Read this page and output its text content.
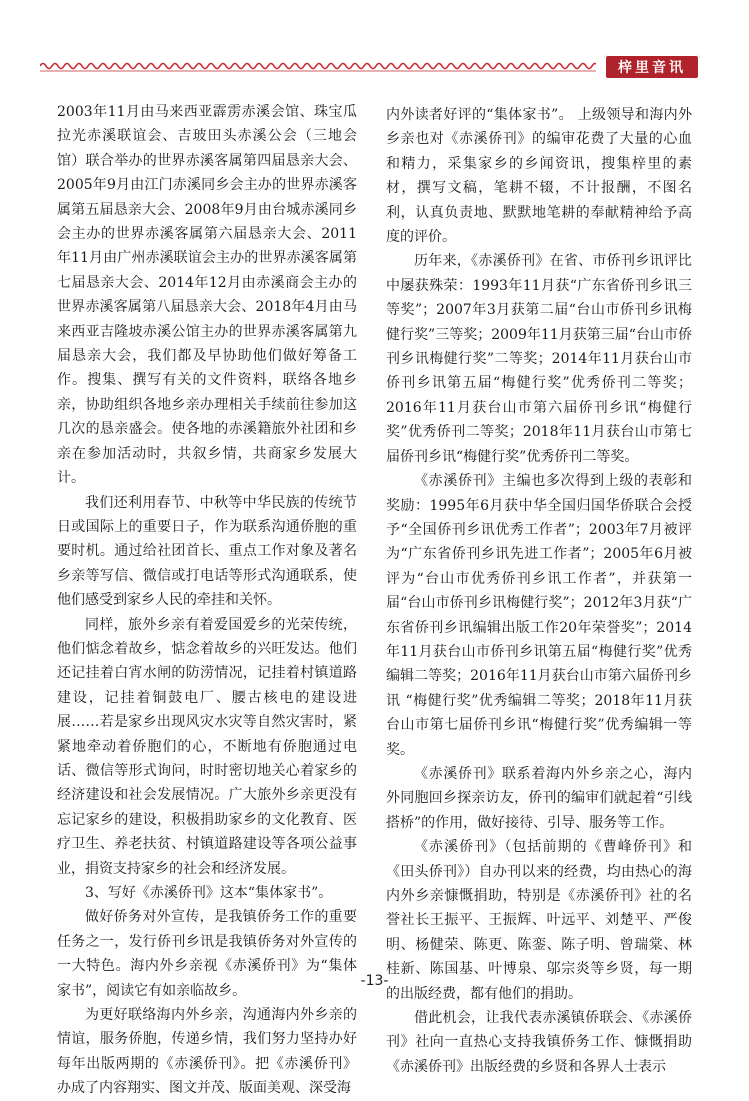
梓里音讯

2003年11月由马来西亚霹雳赤溪会馆、珠宝瓜拉光赤溪联谊会、吉玻田头赤溪公会（三地会馆）联合举办的世界赤溪客属第四届恳亲大会、2005年9月由江门赤溪同乡会主办的世界赤溪客属第五届恳亲大会、2008年9月由台城赤溪同乡会主办的世界赤溪客属第六届恳亲大会、2011年11月由广州赤溪联谊会主办的世界赤溪客属第七届恳亲大会、2014年12月由赤溪商会主办的世界赤溪客属第八届恳亲大会、2018年4月由马来西亚吉隆坡赤溪公馆主办的世界赤溪客属第九届恳亲大会，我们都及早协助他们做好筹备工作。搜集、撰写有关的文件资料，联络各地乡亲，协助组织各地乡亲办理相关手续前往参加这几次的恳亲盛会。使各地的赤溪籍旅外社团和乡亲在参加活动时，共叙乡情，共商家乡发展大计。

我们还利用春节、中秋等中华民族的传统节日或国际上的重要日子，作为联系沟通侨胞的重要时机。通过给社团首长、重点工作对象及著名乡亲等写信、微信或打电话等形式沟通联系，使他们感受到家乡人民的牵挂和关怀。

同样，旅外乡亲有着爱国爱乡的光荣传统，他们惦念着故乡，惦念着故乡的兴旺发达。他们还记挂着白宵水闸的防涝情况，记挂着村镇道路建设，记挂着铜鼓电厂、腰古核电的建设进展……若是家乡出现风灾水灾等自然灾害时，紧紧地牵动着侨胞们的心，不断地有侨胞通过电话、微信等形式询问，时时密切地关心着家乡的经济建设和社会发展情况。广大旅外乡亲更没有忘记家乡的建设，积极捐助家乡的文化教育、医疗卫生、养老扶贫、村镇道路建设等各项公益事业，捐资支持家乡的社会和经济发展。

3、写好《赤溪侨刊》这本“集体家书”。

做好侨务对外宣传，是我镇侨务工作的重要任务之一，发行侨刊乡讯是我镇侨务对外宣传的一大特色。海内外乡亲视《赤溪侨刊》为“集体家书”，阅读它有如亲临故乡。

为更好联络海内外乡亲，沟通海内外乡亲的情谊，服务侨胞，传递乡情，我们努力坚持办好每年出版两期的《赤溪侨刊》。把《赤溪侨刊》办成了内容翔实、图文并茂、版面美观、深受海

内外读者好评的“集体家书”。 上级领导和海内外乡亲也对《赤溪侨刊》的编审花费了大量的心血和精力，采集家乡的乡闻资讯，搜集梓里的素材，撰写文稿，笔耕不辍，不计报酬，不图名利，认真负责地、默默地笔耕的奉献精神给予高度的评价。

历年来，《赤溪侨刊》在省、市侨刊乡讯评比中屡获殊荣：1993年11月获“广东省侨刊乡讯三等奖”；2007年3月获第二届“台山市侨刊乡讯梅健行奖”三等奖；2009年11月获第三届“台山市侨刊乡讯梅健行奖”二等奖；2014年11月获台山市侨刊乡讯第五届“梅健行奖”优秀侨刊二等奖；2016年11月获台山市第六届侨刊乡讯“梅健行奖”优秀侨刊二等奖；2018年11月获台山市第七届侨刊乡讯“梅健行奖”优秀侨刊二等奖。

《赤溪侨刊》主编也多次得到上级的表彰和奖励：1995年6月获中华全国归国华侨联合会授予“全国侨刊乡讯优秀工作者”；2003年7月被评为“广东省侨刊乡讯先进工作者”；2005年6月被评为“台山市优秀侨刊乡讯工作者”，并获第一届“台山市侨刊乡讯梅健行奖”；2012年3月获“广东省侨刊乡讯编辑出版工作20年荣誉奖”；2014年11月获台山市侨刊乡讯第五届“梅健行奖”优秀编辑二等奖；2016年11月获台山市第六届侨刊乡讯 “梅健行奖”优秀编辑二等奖；2018年11月获台山市第七届侨刊乡讯“梅健行奖”优秀编辑一等奖。

《赤溪侨刊》联系着海内外乡亲之心，海内外同胞回乡探亲访友，侨刊的编审们就起着“引线搭桥”的作用，做好接待、引导、服务等工作。

《赤溪侨刊》（包括前期的《曹峰侨刊》和《田头侨刊》）自办刊以来的经费，均由热心的海内外乡亲慷慨捐助，特别是《赤溪侨刊》社的名誉社长王振平、王振辉、叶远平、刘楚平、严俊明、杨健荣、陈更、陈銮、陈子明、曾瑞棠、林桂新、陈国基、叶博泉、邬宗炎等乡贤，每一期的出版经费，都有他们的捐助。

借此机会，让我代表赤溪镇侨联会、《赤溪侨刊》社向一直热心支持我镇侨务工作、慷慨捐助《赤溪侨刊》出版经费的乡贤和各界人士表示

-13-
